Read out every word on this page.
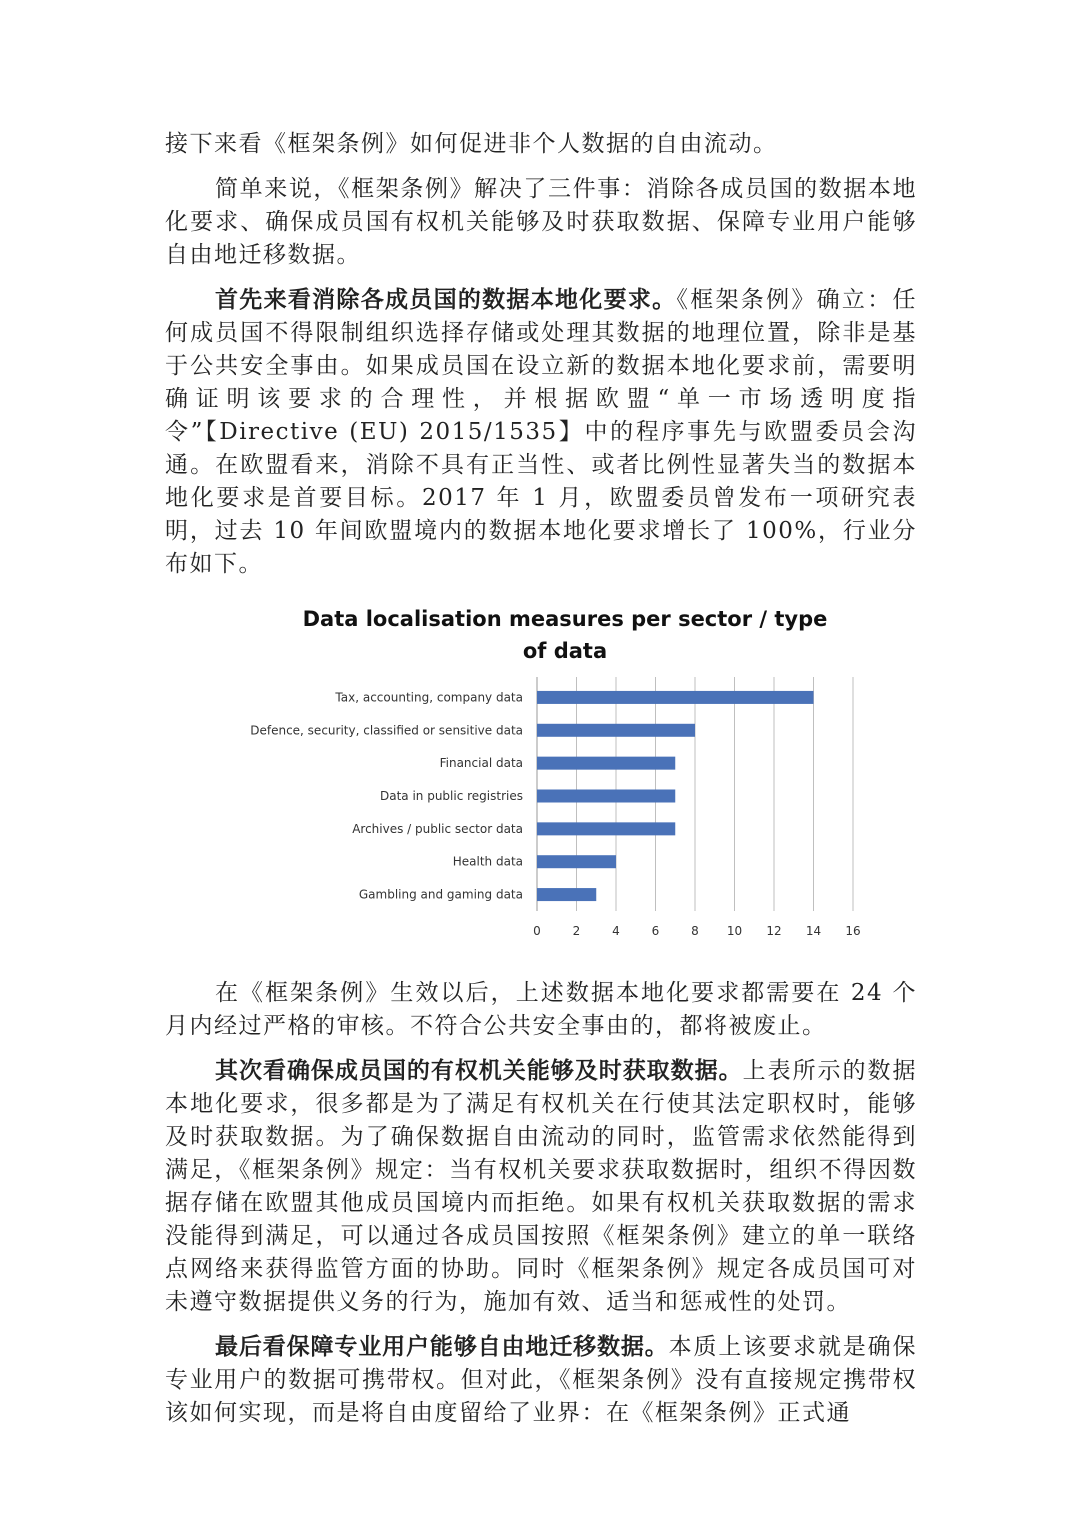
接下来看《框架条例》如何促进非个人数据的自由流动。

简单来说，《框架条例》解决了三件事：消除各成员国的数据本地化要求、确保成员国有权机关能够及时获取数据、保障专业用户能够自由地迁移数据。

首先来看消除各成员国的数据本地化要求。《框架条例》确立：任何成员国不得限制组织选择存储或处理其数据的地理位置，除非是基于公共安全事由。如果成员国在设立新的数据本地化要求前，需要明确证明该要求的合理性，并根据欧盟“单一市场透明度指令”【Directive (EU) 2015/1535】中的程序事先与欧盟委员会沟通。在欧盟看来，消除不具有正当性、或者比例性显著失当的数据本地化要求是首要目标。2017 年 1 月，欧盟委员曾发布一项研究表明，过去 10 年间欧盟境内的数据本地化要求增长了 100%，行业分布如下。

Data localisation measures per sector / type
of data
Tax, accounting, company data
Defence, security, classified or sensitive data
Financial data
Data in public registries
Archives / public sector data
Health data
Gambling and gaming data
0	2	4	6	8 10 12 14 16

在《框架条例》生效以后，上述数据本地化要求都需要在 24 个月内经过严格的审核。不符合公共安全事由的，都将被废止。

其次看确保成员国的有权机关能够及时获取数据。上表所示的数据本地化要求，很多都是为了满足有权机关在行使其法定职权时，能够及时获取数据。为了确保数据自由流动的同时，监管需求依然能得到满足，《框架条例》规定：当有权机关要求获取数据时，组织不得因数据存储在欧盟其他成员国境内而拒绝。如果有权机关获取数据的需求没能得到满足，可以通过各成员国按照《框架条例》建立的单一联络点网络来获得监管方面的协助。同时《框架条例》规定各成员国可对未遵守数据提供义务的行为，施加有效、适当和惩戒性的处罚。

最后看保障专业用户能够自由地迁移数据。本质上该要求就是确保专业用户的数据可携带权。但对此，《框架条例》没有直接规定携带权该如何实现，而是将自由度留给了业界：在《框架条例》正式通
